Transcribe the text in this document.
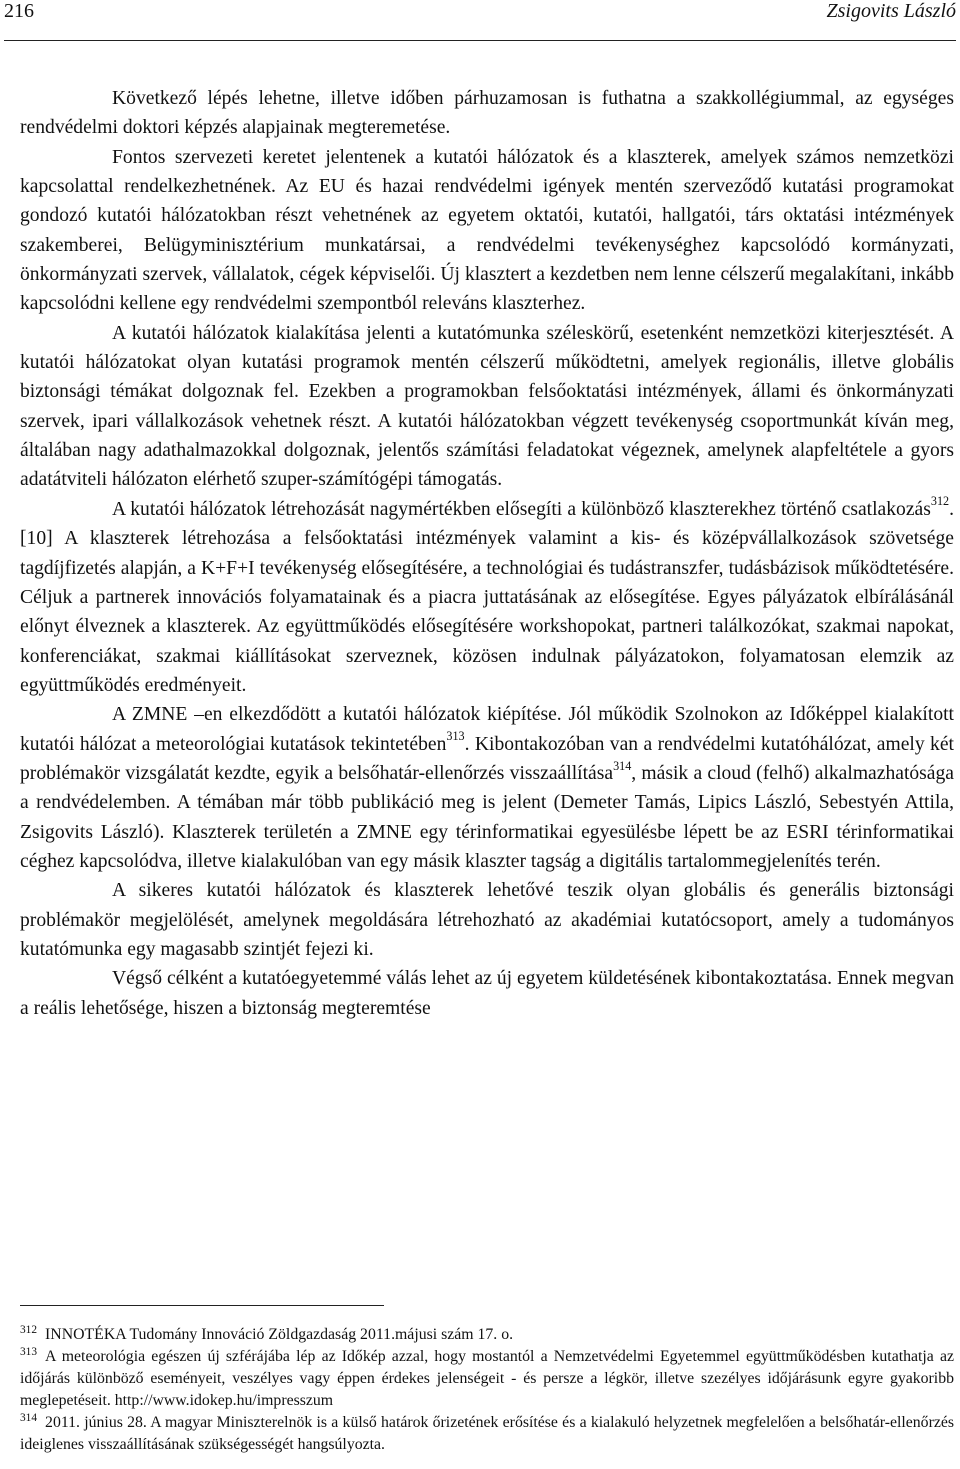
216	Zsigovits László

Következő lépés lehetne, illetve időben párhuzamosan is futhatna a szakkollégiummal, az egységes rendvédelmi doktori képzés alapjainak megteremetése.

Fontos szervezeti keretet jelentenek a kutatói hálózatok és a klaszterek, amelyek számos nemzetközi kapcsolattal rendelkezhetnének. Az EU és hazai rendvédelmi igények mentén szerveződő kutatási programokat gondozó kutatói hálózatokban részt vehetnének az egyetem oktatói, kutatói, hallgatói, társ oktatási intézmények szakemberei, Belügyminisztérium munkatársai, a rendvédelmi tevékenységhez kapcsolódó kormányzati, önkormányzati szervek, vállalatok, cégek képviselői. Új klasztert a kezdetben nem lenne célszerű megalakítani, inkább kapcsolódni kellene egy rendvédelmi szempontból releváns klaszterhez.

A kutatói hálózatok kialakítása jelenti a kutatómunka széleskörű, esetenként nemzetközi kiterjesztését. A kutatói hálózatokat olyan kutatási programok mentén célszerű működtetni, amelyek regionális, illetve globális biztonsági témákat dolgoznak fel. Ezekben a programokban felsőoktatási intézmények, állami és önkormányzati szervek, ipari vállalkozások vehetnek részt. A kutatói hálózatokban végzett tevékenység csoportmunkát kíván meg, általában nagy adathalmazokkal dolgoznak, jelentős számítási feladatokat végeznek, amelynek alapfeltétele a gyors adatátviteli hálózaton elérhető szuper-számítógépi támogatás.

A kutatói hálózatok létrehozását nagymértékben elősegíti a különböző klaszterekhez történő csatlakozás$^{312}$. [10] A klaszterek létrehozása a felsőoktatási intézmények valamint a kis- és középvállalkozások szövetsége tagdíjfizetés alapján, a K+F+I tevékenység elősegítésére, a technológiai és tudástranszfer, tudásbázisok működtetésére. Céljuk a partnerek innovációs folyamatainak és a piacra juttatásának az elősegítése. Egyes pályázatok elbírálásánál előnyt élveznek a klaszterek. Az együttműködés elősegítésére workshopokat, partneri találkozókat, szakmai napokat, konferenciákat, szakmai kiállításokat szerveznek, közösen indulnak pályázatokon, folyamatosan elemzik az együttműködés eredményeit.

A ZMNE –en elkezdődött a kutatói hálózatok kiépítése. Jól működik Szolnokon az Időképpel kialakított kutatói hálózat a meteorológiai kutatások tekintetében$^{313}$. Kibontakozóban van a rendvédelmi kutatóhálózat, amely két problémakör vizsgálatát kezdte, egyik a belsőhatár-ellenőrzés visszaállítása$^{314}$, másik a cloud (felhő) alkalmazhatósága a rendvédelemben. A témában már több publikáció meg is jelent (Demeter Tamás, Lipics László, Sebestyén Attila, Zsigovits László). Klaszterek területén a ZMNE egy térinformatikai egyesülésbe lépett be az ESRI térinformatikai céghez kapcsolódva, illetve kialakulóban van egy másik klaszter tagság a digitális tartalommegjelenítés terén.

A sikeres kutatói hálózatok és klaszterek lehetővé teszik olyan globális és generális biztonsági problémakör megjelölését, amelynek megoldására létrehozható az akadémiai kutatócsoport, amely a tudományos kutatómunka egy magasabb szintjét fejezi ki.

Végső célként a kutatóegyetemmé válás lehet az új egyetem küldetésének kibontakoztatása. Ennek megvan a reális lehetősége, hiszen a biztonság megteremtése

$^{312}$ INNOTÉKA Tudomány Innováció Zöldgazdaság 2011.májusi szám 17. o.

$^{313}$ A meteorológia egészen új szférájába lép az Időkép azzal, hogy mostantól a Nemzetvédelmi Egyetemmel együttműködésben kutathatja az időjárás különböző eseményeit, veszélyes vagy éppen érdekes jelenségeit - és persze a légkör, illetve szezélyes időjárásunk egyre gyakoribb meglepetéseit. http://www.idokep.hu/impresszum

$^{314}$ 2011. június 28. A magyar Miniszterelnök is a külső határok őrizetének erősítése és a kialakuló helyzetnek megfelelően a belsőhatár-ellenőrzés ideiglenes visszaállításának szükségességét hangsúlyozta.
